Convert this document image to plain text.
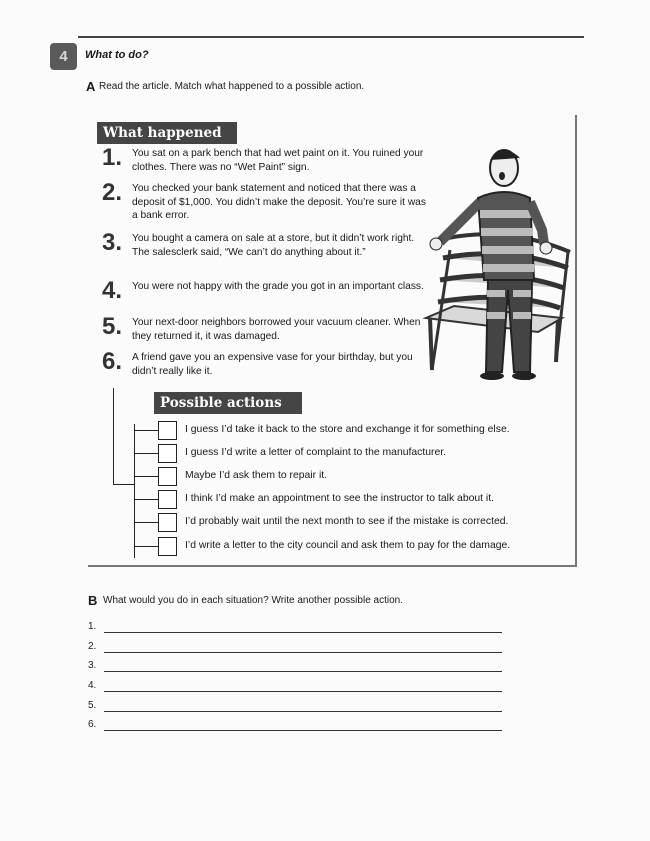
4	What to do?
A Read the article. Match what happened to a possible action.
What happened
1. You sat on a park bench that had wet paint on it. You ruined your clothes. There was no “Wet Paint” sign.
2. You checked your bank statement and noticed that there was a deposit of $1,000. You didn’t make the deposit. You’re sure it was a bank error.
3. You bought a camera on sale at a store, but it didn’t work right. The salesclerk said, “We can’t do anything about it.”
4. You were not happy with the grade you got in an important class.
5. Your next-door neighbors borrowed your vacuum cleaner. When they returned it, it was damaged.
6. A friend gave you an expensive vase for your birthday, but you didn’t really like it.
Possible actions
I guess I’d take it back to the store and exchange it for something else.
I guess I’d write a letter of complaint to the manufacturer.
Maybe I’d ask them to repair it.
I think I’d make an appointment to see the instructor to talk about it.
I’d probably wait until the next month to see if the mistake is corrected.
I’d write a letter to the city council and ask them to pay for the damage.
B What would you do in each situation? Write another possible action.
1.
2.
3.
4.
5.
6.
